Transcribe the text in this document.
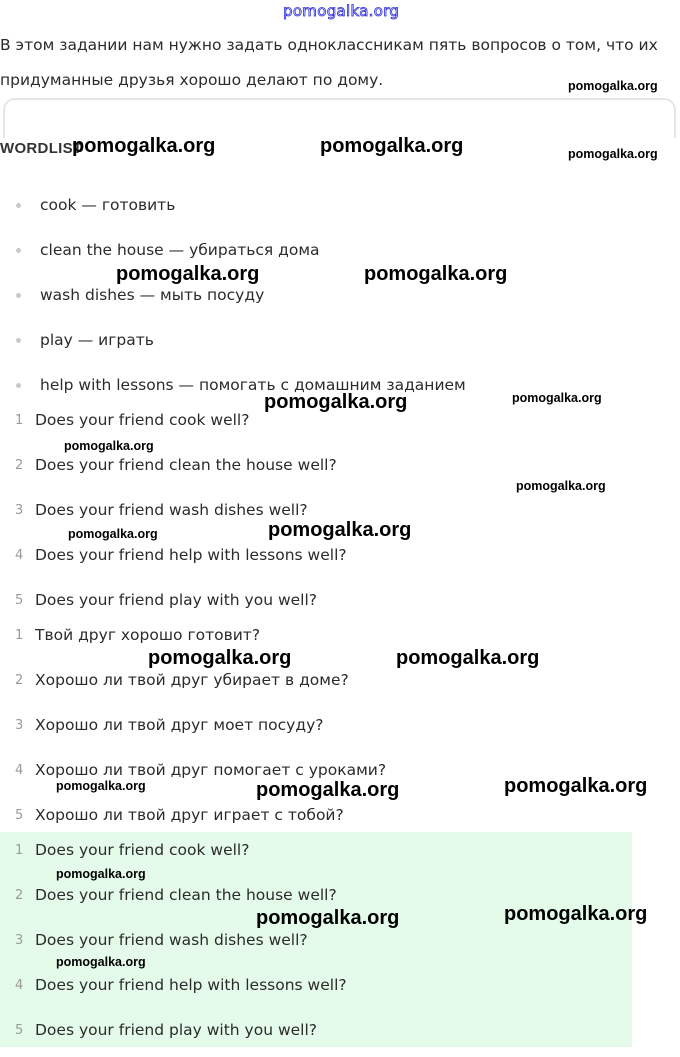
pomogalka.org
В этом задании нам нужно задать одноклассникам пять вопросов о том, что их придуманные друзья хорошо делают по дому.
WORDLIST
cook — готовить
clean the house — убираться дома
wash dishes — мыть посуду
play — играть
help with lessons — помогать с домашним заданием
1 Does your friend cook well?
2 Does your friend clean the house well?
3 Does your friend wash dishes well?
4 Does your friend help with lessons well?
5 Does your friend play with you well?
1 Твой друг хорошо готовит?
2 Хорошо ли твой друг убирает в доме?
3 Хорошо ли твой друг моет посуду?
4 Хорошо ли твой друг помогает с уроками?
5 Хорошо ли твой друг играет с тобой?
1 Does your friend cook well?
2 Does your friend clean the house well?
3 Does your friend wash dishes well?
4 Does your friend help with lessons well?
5 Does your friend play with you well?
pomogalka.org
pomogalka.org	pomogalka.org	pomogalka.org
pomogalka.org	pomogalka.org
pomogalka.org	pomogalka.org
pomogalka.org
pomogalka.org
pomogalka.org	pomogalka.org
pomogalka.org	pomogalka.org
pomogalka.org	pomogalka.org	pomogalka.org
pomogalka.org
pomogalka.org	pomogalka.org
pomogalka.org
